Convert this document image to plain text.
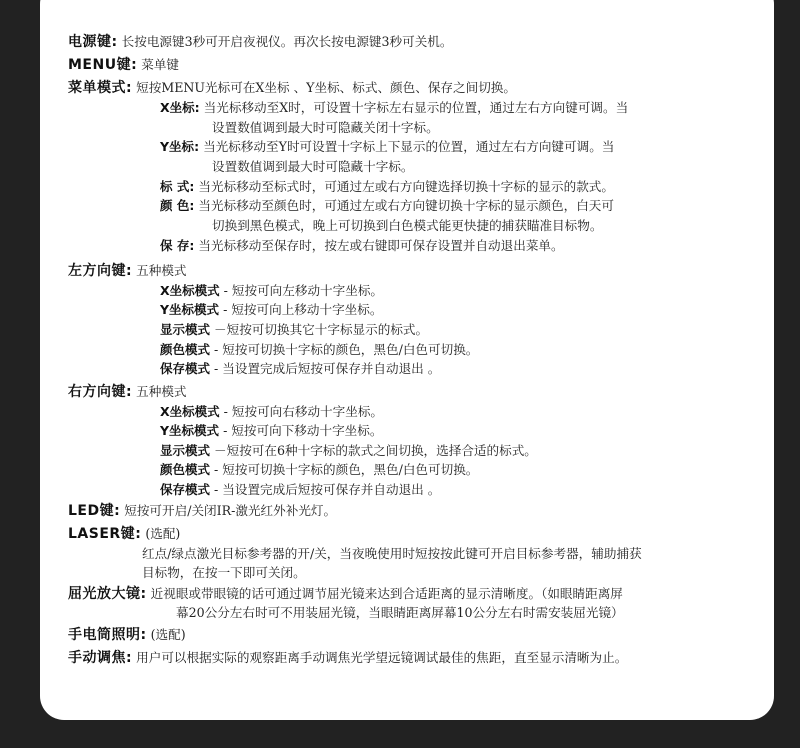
电源键: 长按电源键3秒可开启夜视仪。再次长按电源键3秒可关机。
MENU键: 菜单键
菜单模式: 短按MENU光标可在X坐标 、Y坐标、标式、颜色、保存之间切换。
X坐标: 当光标移动至X时，可设置十字标左右显示的位置，通过左右方向键可调。当
设置数值调到最大时可隐藏关闭十字标。
Y坐标: 当光标移动至Y时可设置十字标上下显示的位置，通过左右方向键可调。当
设置数值调到最大时可隐藏十字标。
标 式: 当光标移动至标式时，可通过左或右方向键选择切换十字标的显示的款式。
颜 色: 当光标移动至颜色时，可通过左或右方向键切换十字标的显示颜色，白天可
切换到黑色模式，晚上可切换到白色模式能更快捷的捕获瞄准目标物。
保 存: 当光标移动至保存时，按左或右键即可保存设置并自动退出菜单。
左方向键: 五种模式
X坐标模式 - 短按可向左移动十字坐标。
Y坐标模式 - 短按可向上移动十字坐标。
显示模式 －短按可切换其它十字标显示的标式。
颜色模式 - 短按可切换十字标的颜色，黑色/白色可切换。
保存模式 - 当设置完成后短按可保存并自动退出 。
右方向键: 五种模式
X坐标模式 - 短按可向右移动十字坐标。
Y坐标模式 - 短按可向下移动十字坐标。
显示模式 －短按可在6种十字标的款式之间切换，选择合适的标式。
颜色模式 - 短按可切换十字标的颜色，黑色/白色可切换。
保存模式 - 当设置完成后短按可保存并自动退出 。
LED键: 短按可开启/关闭IR-激光红外补光灯。
LASER键: (选配)
红点/绿点激光目标参考器的开/关，当夜晚使用时短按按此键可开启目标参考器，辅助捕获
目标物，在按一下即可关闭。
屈光放大镜: 近视眼或带眼镜的话可通过调节屈光镜来达到合适距离的显示清晰度。（如眼睛距离屏
幕20公分左右时可不用装屈光镜，当眼睛距离屏幕10公分左右时需安装屈光镜）
手电筒照明: (选配)
手动调焦: 用户可以根据实际的观察距离手动调焦光学望远镜调试最佳的焦距，直至显示清晰为止。
